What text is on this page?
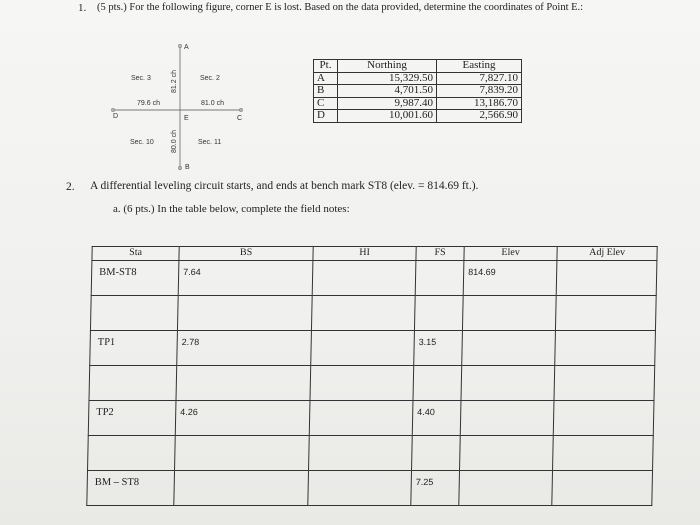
1. (5 pts.) For the following figure, corner E is lost. Based on the data provided, determine the coordinates of Point E.:
A
B
D	C
E
Sec. 3	Sec. 2
Sec. 10	Sec. 11
79.6 ch	81.0 ch
81.2 ch
80.0 ch
Pt.	Northing	Easting
A	15,329.50	7,827.10
B	4,701.50	7,839.20
C	9,987.40	13,186.70
D	10,001.60	2,566.90
2. A differential leveling circuit starts, and ends at bench mark ST8 (elev. = 814.69 ft.).
a. (6 pts.) In the table below, complete the field notes:
Sta	BS	HI	FS	Elev	Adj Elev

BM-ST8	7.64			814.69	

TP1	2.78		3.15		

TP2	4.26		4.40		

BM – ST8			7.25		
